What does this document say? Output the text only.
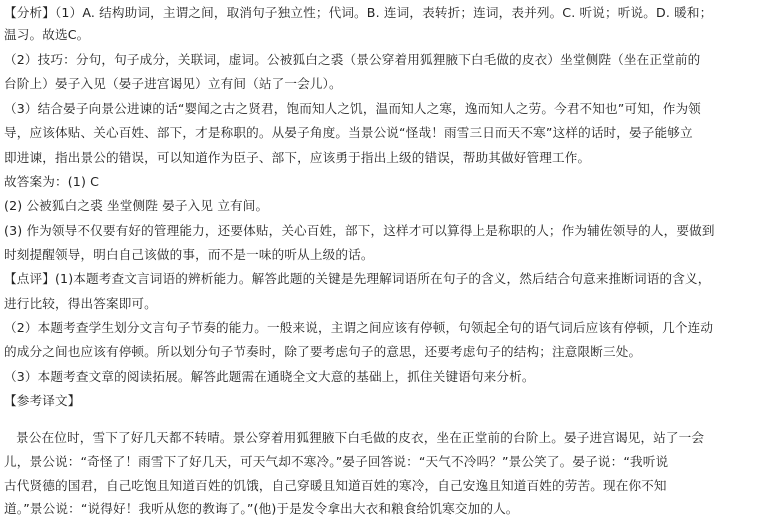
【分析】（1）A. 结构助词，主谓之间，取消句子独立性；代词。B. 连词，表转折；连词，表并列。C. 听说；听说。D. 暖和；
温习。故选C。
（2）技巧：分句，句子成分，关联词，虚词。公被狐白之裘（景公穿着用狐狸腋下白毛做的皮衣）坐堂侧陛（坐在正堂前的
台阶上）晏子入见（晏子进宫谒见）立有间（站了一会儿）。
（3）结合晏子向景公进谏的话“婴闻之古之贤君，饱而知人之饥，温而知人之寒，逸而知人之劳。今君不知也”可知，作为领
导，应该体贴、关心百姓、部下，才是称职的。从晏子角度。当景公说“怪哉！雨雪三日而天不寒”这样的话时，晏子能够立
即进谏，指出景公的错误，可以知道作为臣子、部下，应该勇于指出上级的错误，帮助其做好管理工作。
故答案为：(1) C
(2) 公被狐白之裘 坐堂侧陛 晏子入见 立有间。
(3) 作为领导不仅要有好的管理能力，还要体贴，关心百姓，部下，这样才可以算得上是称职的人；作为辅佐领导的人，要做到
时刻提醒领导，明白自己该做的事，而不是一味的听从上级的话。
【点评】(1)本题考查文言词语的辨析能力。解答此题的关键是先理解词语所在句子的含义，然后结合句意来推断词语的含义，
进行比较，得出答案即可。
（2）本题考查学生划分文言句子节奏的能力。一般来说，主谓之间应该有停顿，句领起全句的语气词后应该有停顿，几个连动
的成分之间也应该有停顿。所以划分句子节奏时，除了要考虑句子的意思，还要考虑句子的结构；注意限断三处。
（3）本题考查文章的阅读拓展。解答此题需在通晓全文大意的基础上，抓住关键语句来分析。
【参考译文】
景公在位时，雪下了好几天都不转晴。景公穿着用狐狸腋下白毛做的皮衣，坐在正堂前的台阶上。晏子进宫谒见，站了一会
儿，景公说：“奇怪了！雨雪下了好几天，可天气却不寒冷。”晏子回答说：“天气不冷吗？”景公笑了。晏子说：“我听说
古代贤德的国君，自己吃饱且知道百姓的饥饿，自己穿暖且知道百姓的寒冷，自己安逸且知道百姓的劳苦。现在你不知
道。”景公说：“说得好！我听从您的教诲了。”(他)于是发令拿出大衣和粮食给饥寒交加的人。
